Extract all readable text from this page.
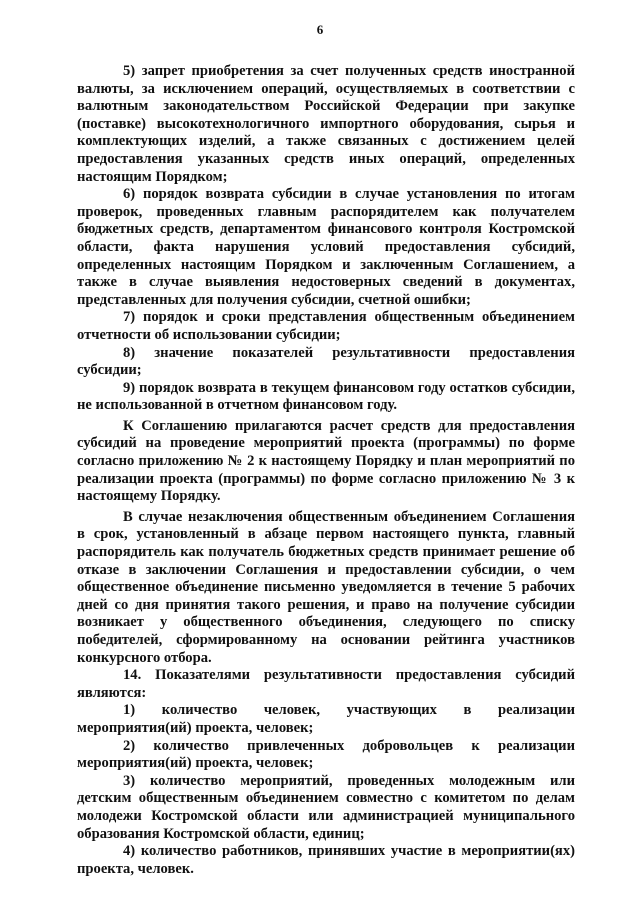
6

5) запрет приобретения за счет полученных средств иностранной валюты, за исключением операций, осуществляемых в соответствии с валютным законодательством Российской Федерации при закупке (поставке) высокотехнологичного импортного оборудования, сырья и комплектующих изделий, а также связанных с достижением целей предоставления указанных средств иных операций, определенных настоящим Порядком;

6) порядок возврата субсидии в случае установления по итогам проверок, проведенных главным распорядителем как получателем бюджетных средств, департаментом финансового контроля Костромской области, факта нарушения условий предоставления субсидий, определенных настоящим Порядком и заключенным Соглашением, а также в случае выявления недостоверных сведений в документах, представленных для получения субсидии, счетной ошибки;

7) порядок и сроки представления общественным объединением отчетности об использовании субсидии;

8) значение показателей результативности предоставления субсидии;

9) порядок возврата в текущем финансовом году остатков субсидии, не использованной в отчетном финансовом году.

К Соглашению прилагаются расчет средств для предоставления субсидий на проведение мероприятий проекта (программы) по форме согласно приложению № 2 к настоящему Порядку и план мероприятий по реализации проекта (программы) по форме согласно приложению № 3 к настоящему Порядку.

В случае незаключения общественным объединением Соглашения в срок, установленный в абзаце первом настоящего пункта, главный распорядитель как получатель бюджетных средств принимает решение об отказе в заключении Соглашения и предоставлении субсидии, о чем общественное объединение письменно уведомляется в течение 5 рабочих дней со дня принятия такого решения, и право на получение субсидии возникает у общественного объединения, следующего по списку победителей, сформированному на основании рейтинга участников конкурсного отбора.

14. Показателями результативности предоставления субсидий являются:

1) количество человек, участвующих в реализации мероприятия(ий) проекта, человек;

2) количество привлеченных добровольцев к реализации мероприятия(ий) проекта, человек;

3) количество мероприятий, проведенных молодежным или детским общественным объединением совместно с комитетом по делам молодежи Костромской области или администрацией муниципального образования Костромской области, единиц;

4) количество работников, принявших участие в мероприятии(ях) проекта, человек.
